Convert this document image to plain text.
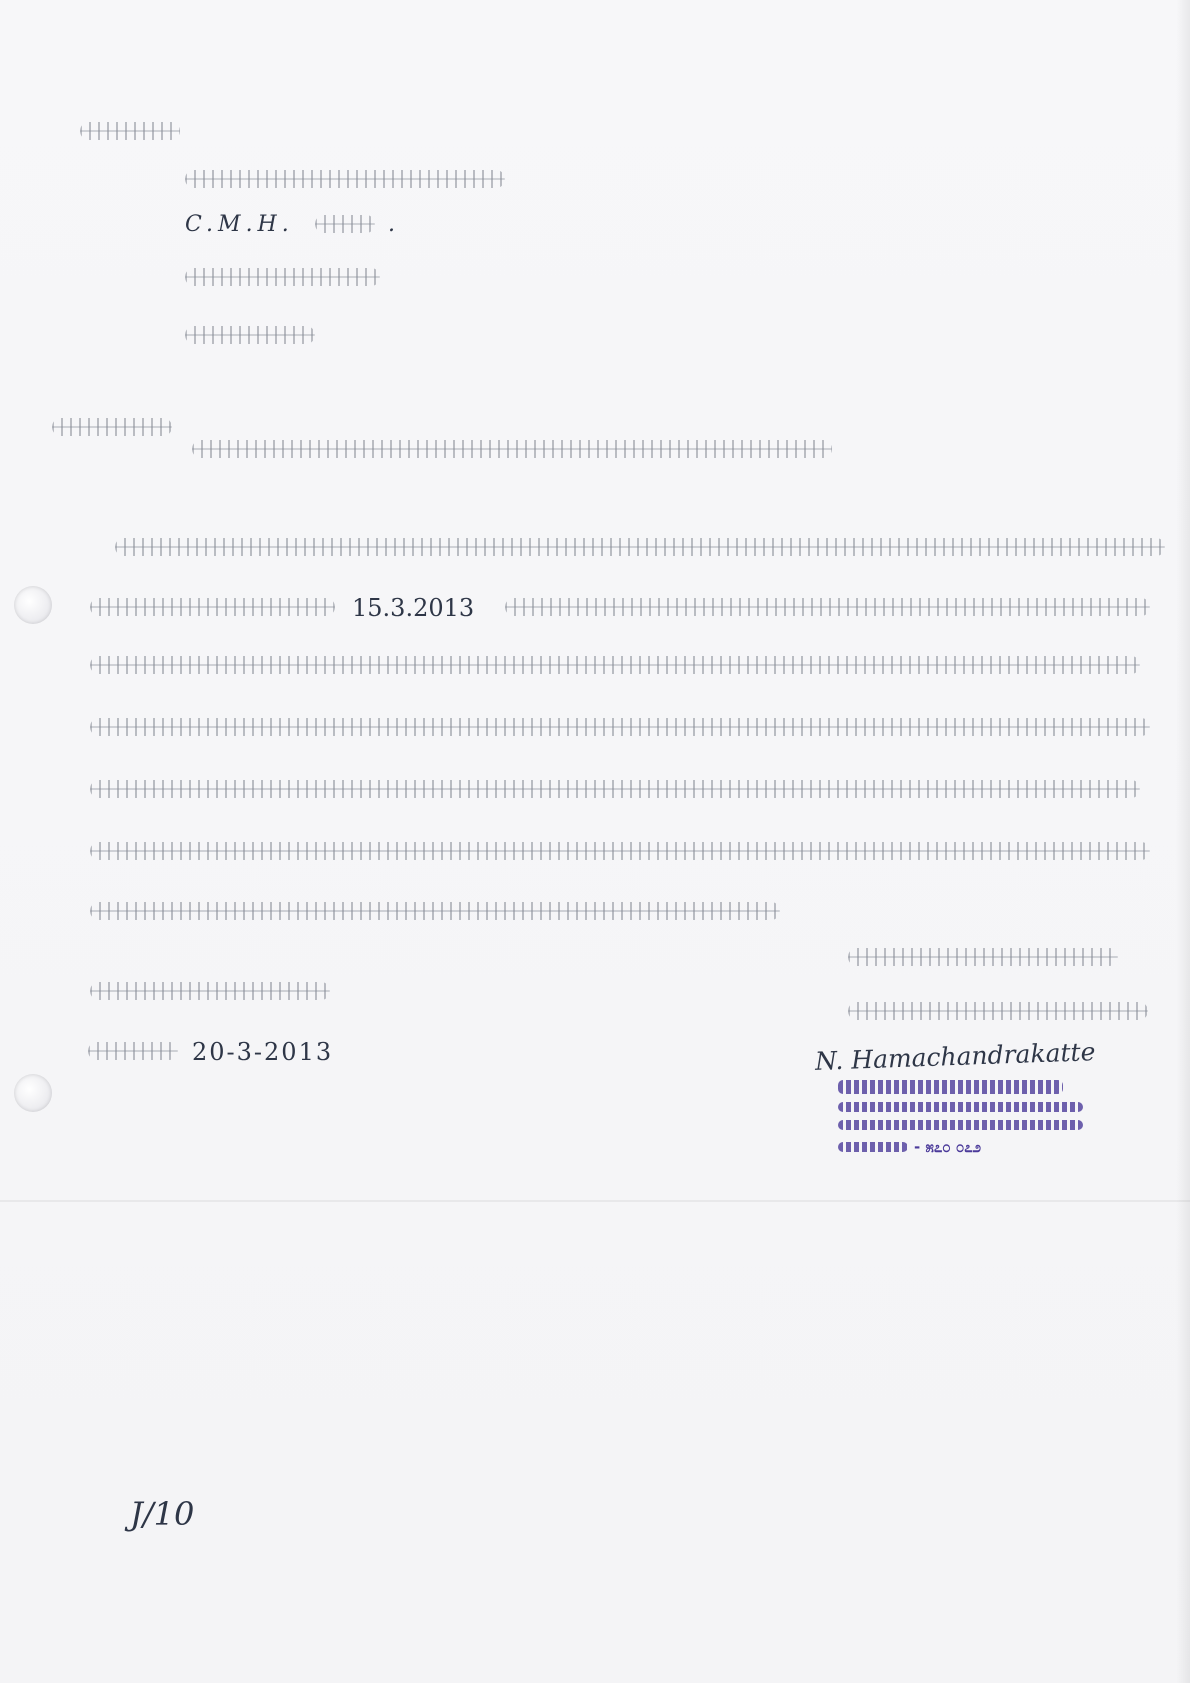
C.M.H.	.
15.3.2013
20-3-2013	N. Hamachandrakatte
- ೫೭೦ ೦೭೨
J/10
